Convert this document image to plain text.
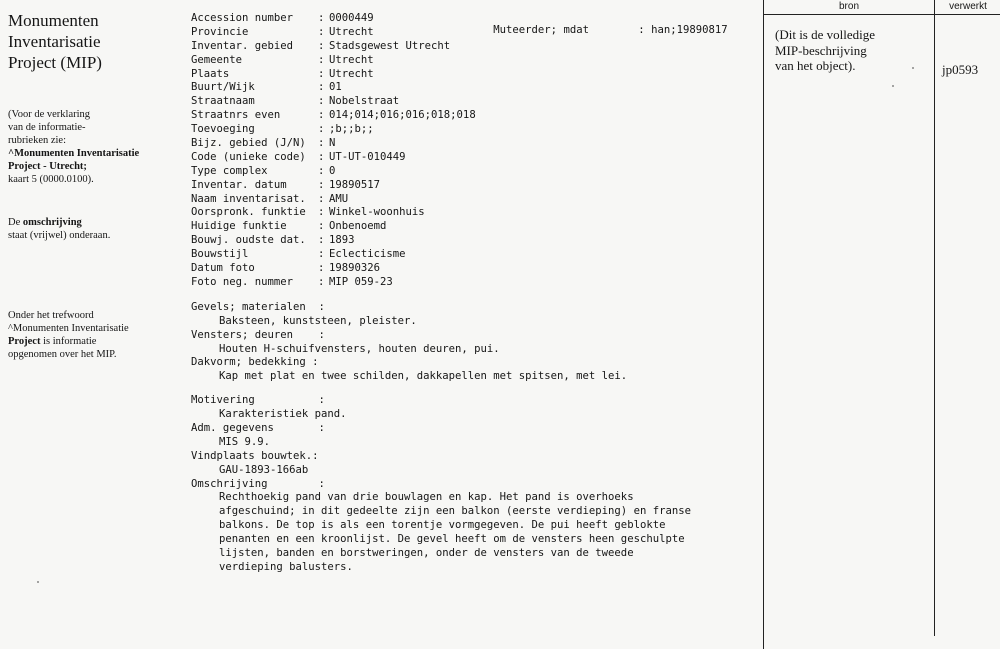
Monumenten
Inventarisatie
Project (MIP)
(Voor de verklaring
van de informatie-
rubrieken zie:
^Monumenten Inventarisatie
Project - Utrecht;
kaart 5 (0000.0100).
De omschrijving
staat (vrijwel) onderaan.
Onder het trefwoord
^Monumenten Inventarisatie
Project is informatie
opgenomen over het MIP.
Accession number : 0000449
Provincie	: Utrecht
Inventar. gebied : Stadsgewest Utrecht
Gemeente	: Utrecht
Plaats	: Utrecht
Buurt/Wijk	: 01
Straatnaam	: Nobelstraat
Straatnrs even	: 014;014;016;016;018;018
Toevoeging	: ;b;;b;;
Bijz. gebied (J/N) : N
Code (unieke code) : UT-UT-010449
Type complex	: 0
Inventar. datum	: 19890517
Naam inventarisat. : AMU
Oorspronk. funktie : Winkel-woonhuis
Huidige funktie	: Onbenoemd
Bouwj. oudste dat. : 1893
Bouwstijl	: Eclecticisme
Datum foto	: 19890326
Foto neg. nummer : MIP 059-23

Muteerder; mdat	: han;19890817

Gevels; materialen  :
Baksteen, kunststeen, pleister.
Vensters; deuren    :
Houten H-schuifvensters, houten deuren, pui.
Dakvorm; bedekking :
Kap met plat en twee schilden, dakkapellen met spitsen, met lei.
Motivering          :
Karakteristiek pand.
Adm. gegevens       :
MIS 9.9.
Vindplaats bouwtek.:
GAU-1893-166ab
Omschrijving        :
Rechthoekig pand van drie bouwlagen en kap. Het pand is overhoeks
afgeschuind; in dit gedeelte zijn een balkon (eerste verdieping) en franse
balkons. De top is als een torentje vormgegeven. De pui heeft geblokte
penanten en een kroonlijst. De gevel heeft om de vensters heen geschulpte
lijsten, banden en borstweringen, onder de vensters van de tweede
verdieping balusters.
bron	verwerkt
(Dit is de volledige
MIP-beschrijving
van het object).	jp0593
